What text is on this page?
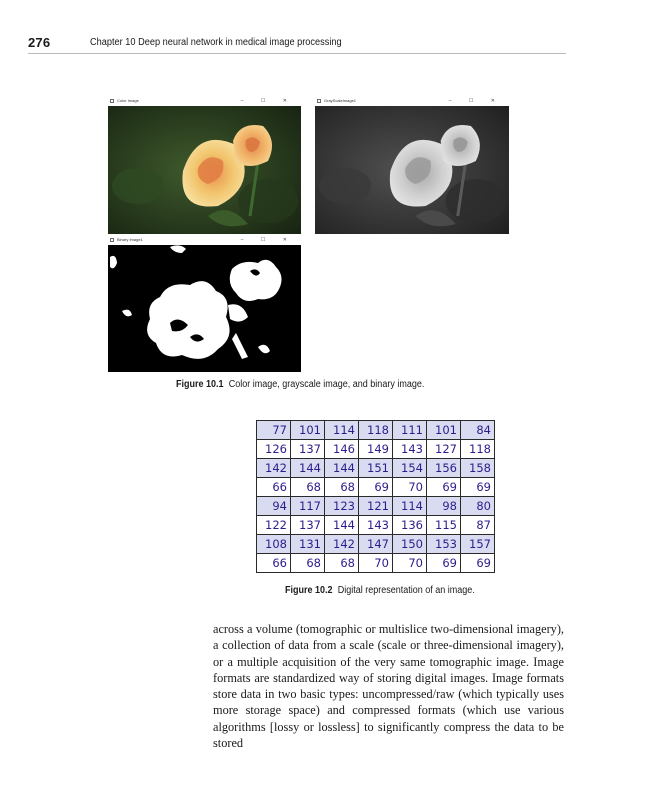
276	Chapter 10 Deep neural network in medical image processing
Color Image	– ☐ ✕	GrayScaleImage1	– ☐ ✕
Binary Image1	– ☐ ✕
Figure 10.1 Color image, grayscale image, and binary image.
77	101	114	118	111	101	84
126	137	146	149	143	127	118
142	144	144	151	154	156	158
66	68	68	69	70	69	69
94	117	123	121	114	98	80
122	137	144	143	136	115	87
108	131	142	147	150	153	157
66	68	68	70	70	69	69
Figure 10.2 Digital representation of an image.
across a volume (tomographic or multislice two-dimensional imagery), a collection of data from a scale (scale or three-dimensional imagery), or a multiple acquisition of the very same tomographic image. Image formats are standardized way of storing digital images. Image formats store data in two basic types: uncompressed/raw (which typically uses more storage space) and compressed formats (which use various algorithms [lossy or lossless] to significantly compress the data to be stored
